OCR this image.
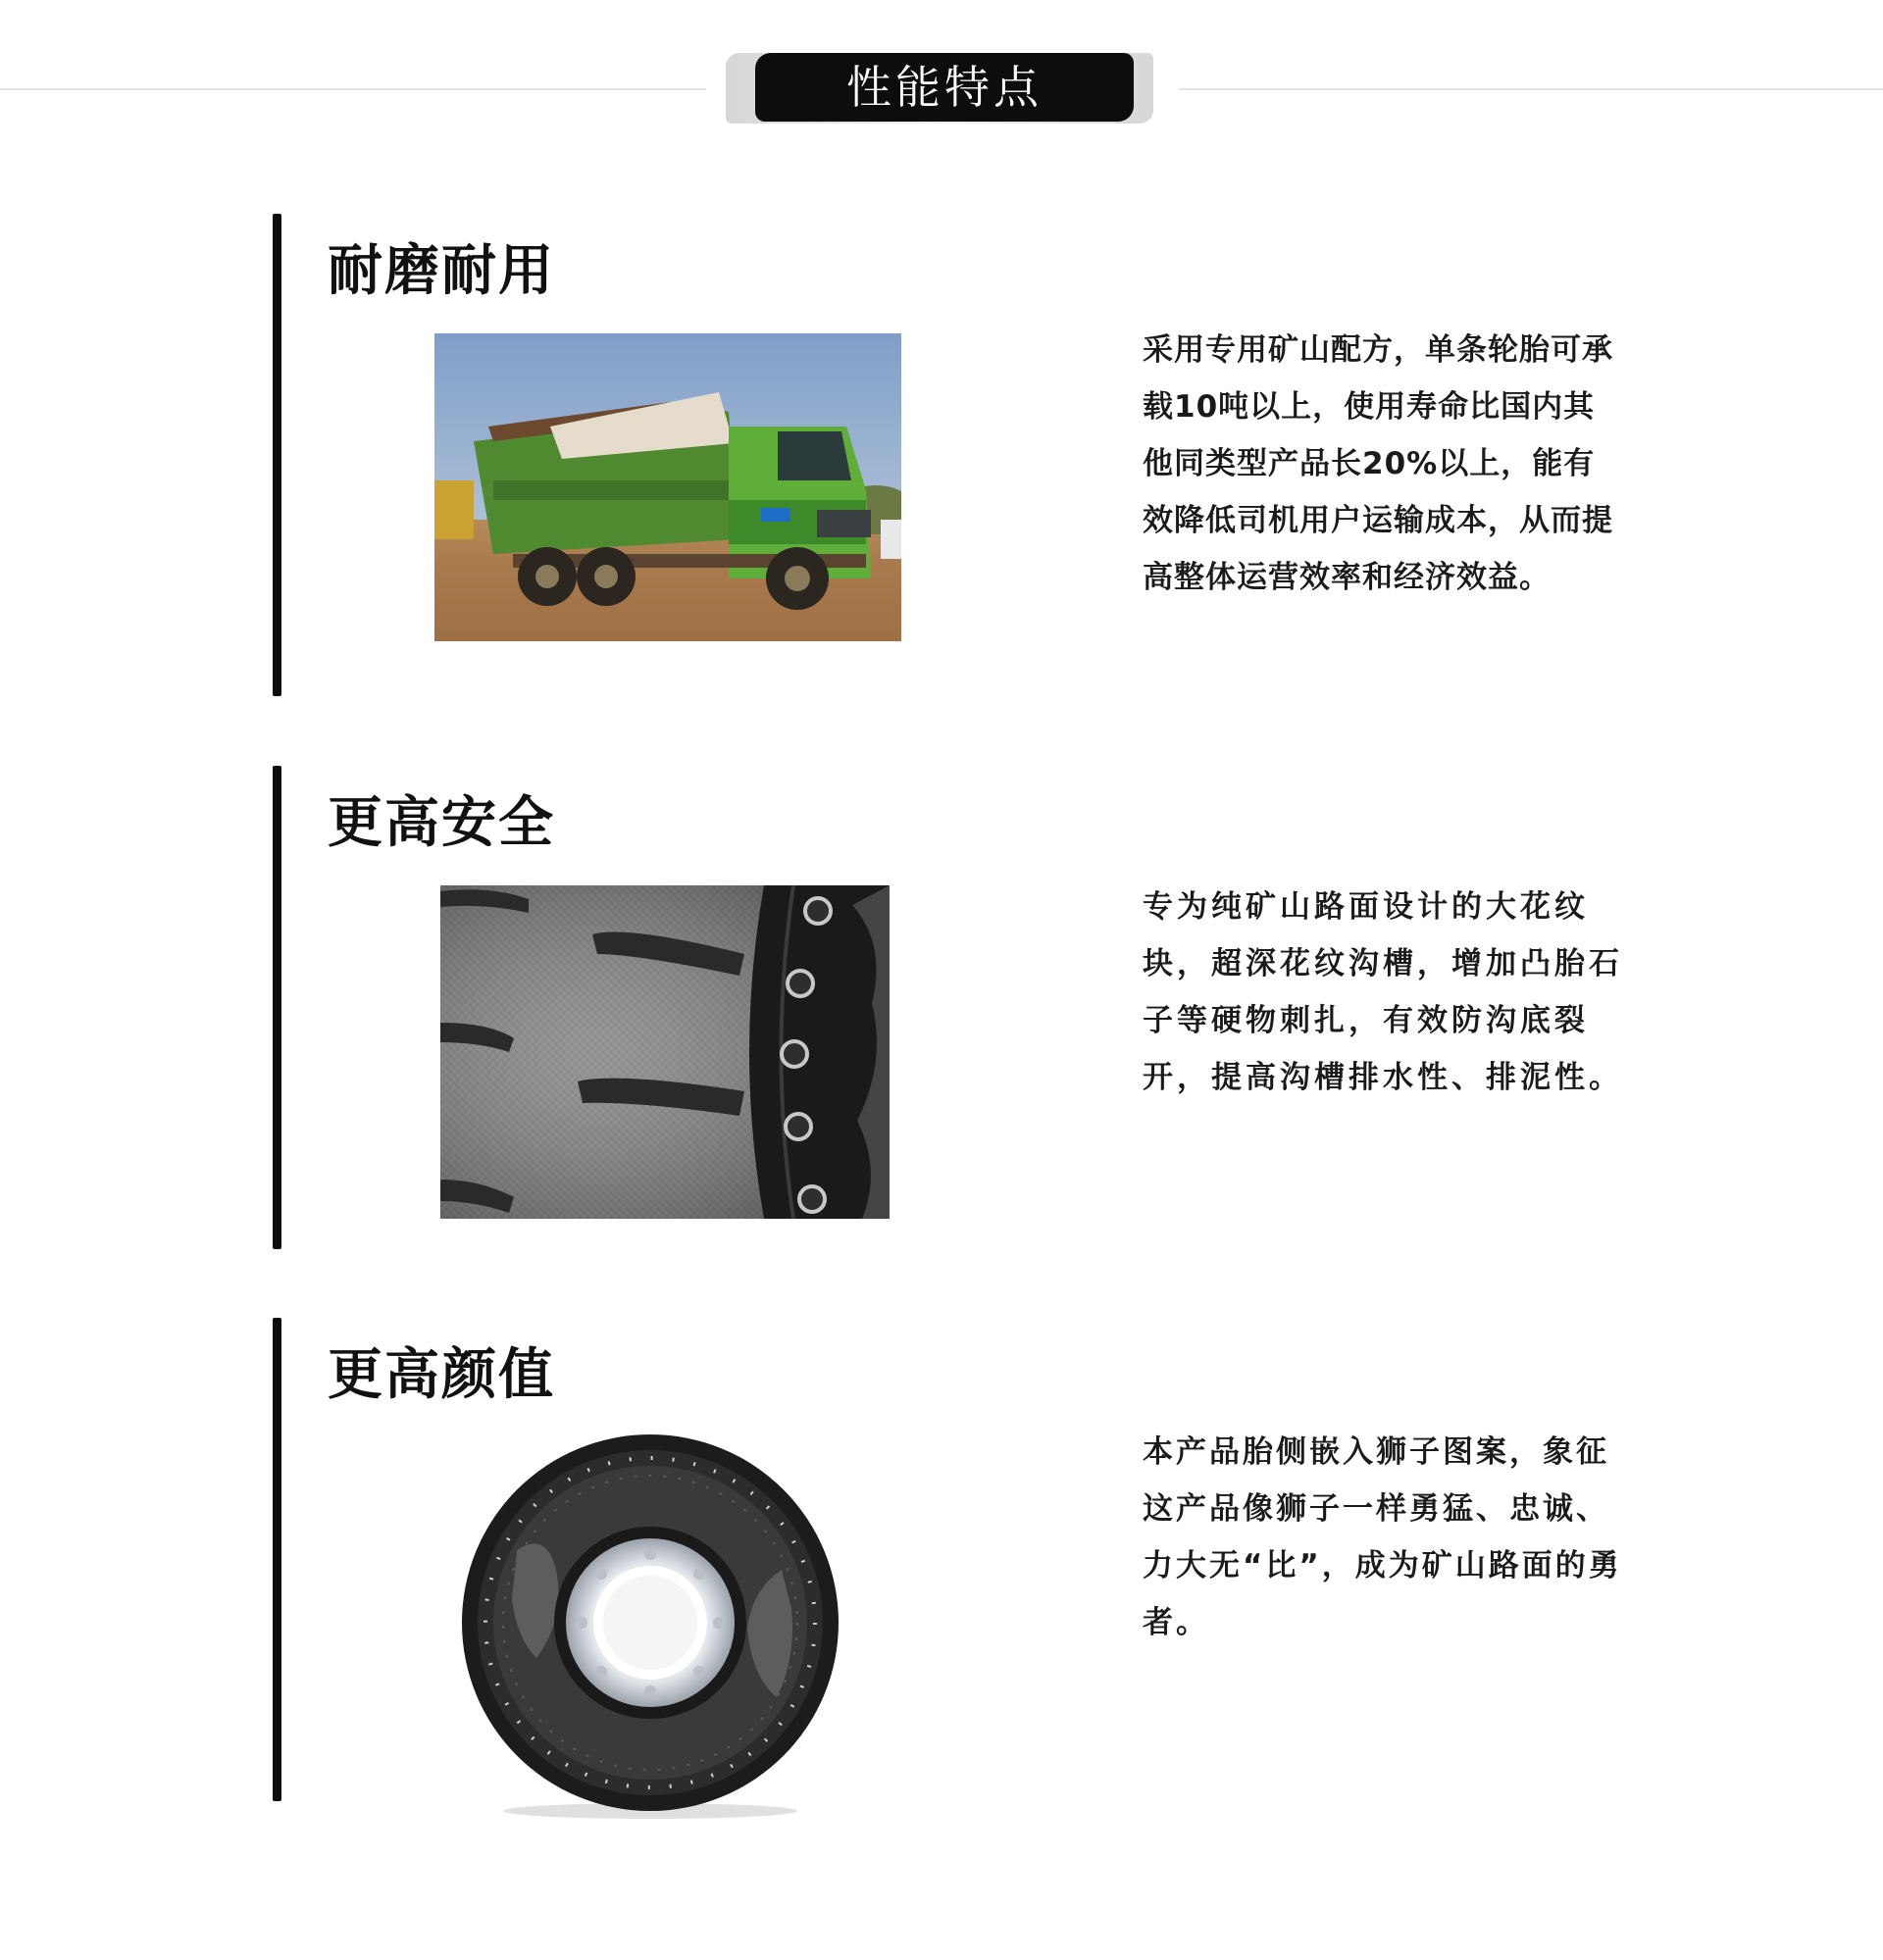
性能特点
耐磨耐用
采用专用矿山配方，单条轮胎可承载10吨以上，使用寿命比国内其他同类型产品长20%以上，能有效降低司机用户运输成本，从而提高整体运营效率和经济效益。
更高安全
专为纯矿山路面设计的大花纹块，超深花纹沟槽，增加凸胎石子等硬物刺扎，有效防沟底裂开，提高沟槽排水性、排泥性。
更高颜值
本产品胎侧嵌入狮子图案，象征这产品像狮子一样勇猛、忠诚、力大无“比”，成为矿山路面的勇者。
